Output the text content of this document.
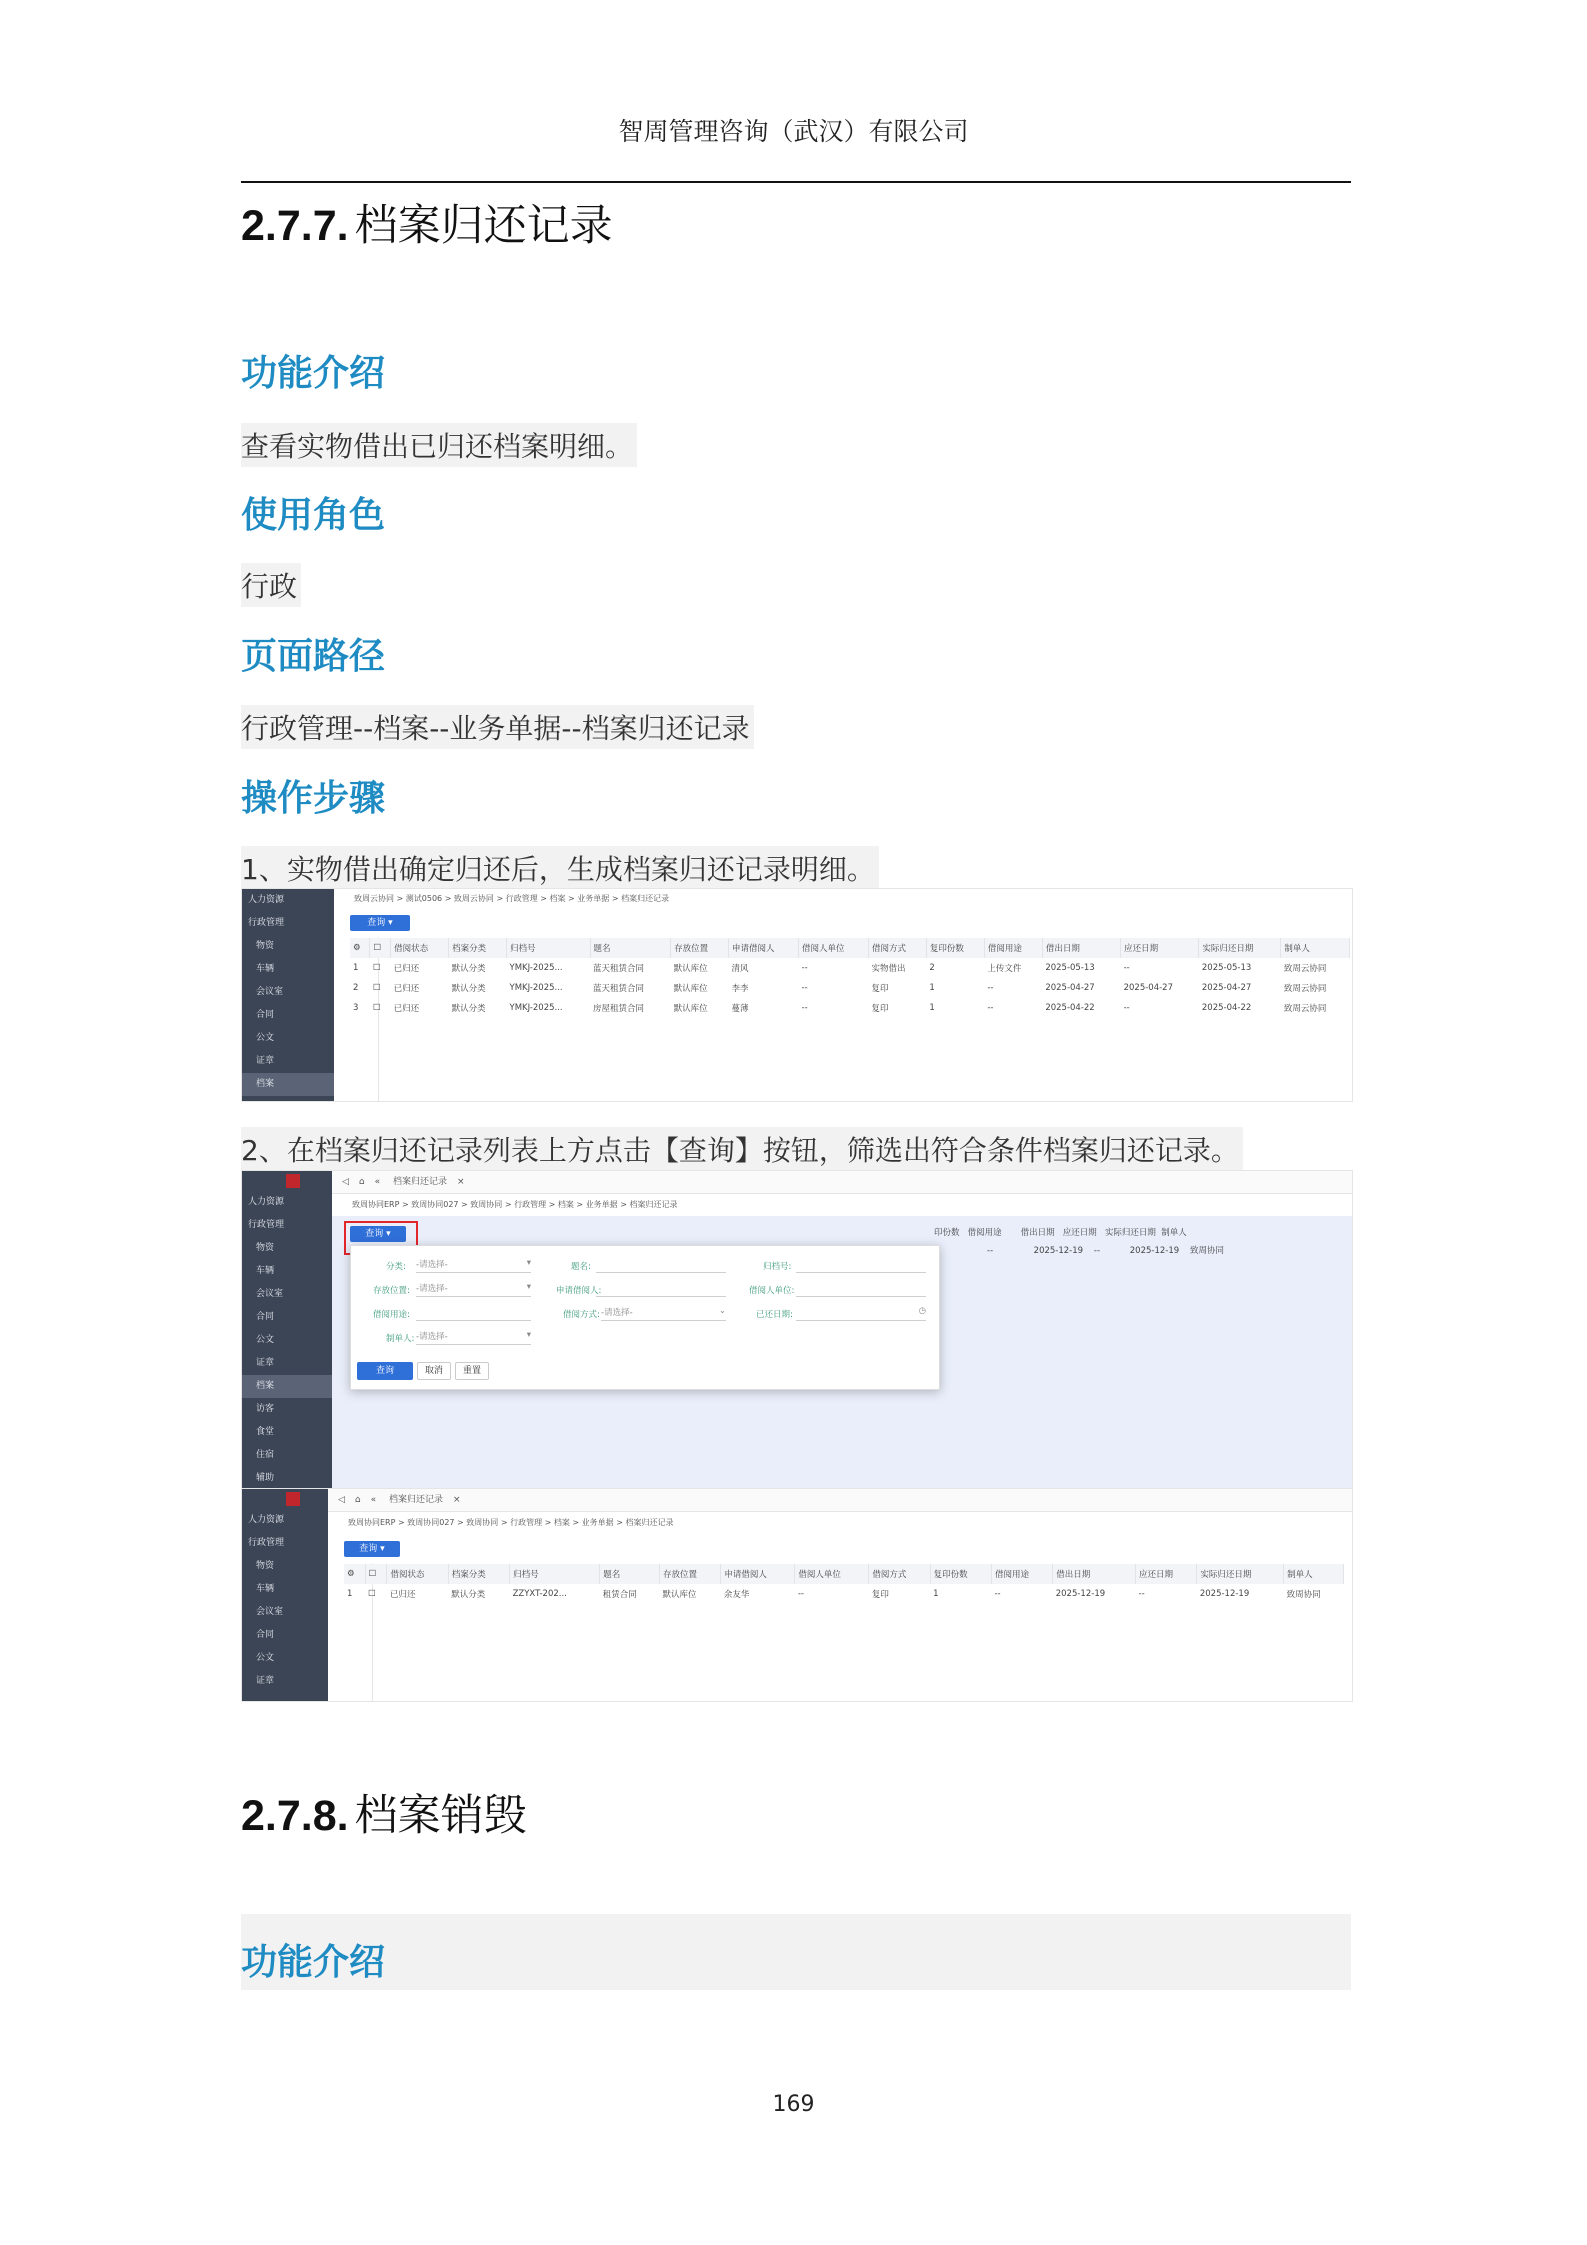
智周管理咨询（武汉）有限公司
2.7.7. 档案归还记录
功能介绍
查看实物借出已归还档案明细。
使用角色
行政
页面路径
行政管理--档案--业务单据--档案归还记录
操作步骤
1、实物借出确定归还后，生成档案归还记录明细。
人力资源
行政管理
物资
车辆
会议室
合同
公文
证章
档案
致周云协同 > 测试0506 > 致周云协同 > 行政管理 > 档案 > 业务单据 > 档案归还记录
查询 ▾
⚙	☐	借阅状态	档案分类	归档号	题名	存放位置	申请借阅人	借阅人单位	借阅方式	复印份数	借阅用途	借出日期	应还日期	实际归还日期	制单人
1	☐	已归还	默认分类	YMKJ-2025...	蓝天租赁合同	默认库位	清风	--	实物借出	2	上传文件	2025-05-13	--	2025-05-13	致周云协同
2	☐	已归还	默认分类	YMKJ-2025...	蓝天租赁合同	默认库位	李李	--	复印	1	--	2025-04-27	2025-04-27	2025-04-27	致周云协同
3	☐	已归还	默认分类	YMKJ-2025...	房屋租赁合同	默认库位	蔓薄	--	复印	1	--	2025-04-22	--	2025-04-22	致周云协同
2、在档案归还记录列表上方点击【查询】按钮，筛选出符合条件档案归还记录。
人力资源
行政管理
物资
车辆
会议室
合同
公文
证章
档案
访客
食堂
住宿
辅助
◁ ⌂ « 档案归还记录 ×
致周协同ERP > 致周协同027 > 致周协同 > 行政管理 > 档案 > 业务单据 > 档案归还记录
查询 ▾	印份数 借阅用途 借出日期 应还日期 实际归还日期 制单人
--	2025-12-19 --	2025-12-19 致周协同
分类: -请选择-	▾	题名:	归档号:
存放位置: -请选择-	▾	申请借阅人:	借阅人单位:
借阅用途:	借阅方式: -请选择-	⌄	已还日期:	◷
制单人: -请选择-	▾
查询	取消	重置
人力资源
行政管理
物资
车辆
会议室
合同
公文
证章
◁ ⌂ « 档案归还记录 ×
致周协同ERP > 致周协同027 > 致周协同 > 行政管理 > 档案 > 业务单据 > 档案归还记录
查询 ▾
⚙	☐	借阅状态	档案分类	归档号	题名	存放位置	申请借阅人	借阅人单位	借阅方式	复印份数	借阅用途	借出日期	应还日期	实际归还日期	制单人
1	☐	已归还	默认分类	ZZYXT-202...	租赁合同	默认库位	余友华	--	复印	1	--	2025-12-19	--	2025-12-19	致周协同
2.7.8. 档案销毁
功能介绍
169
